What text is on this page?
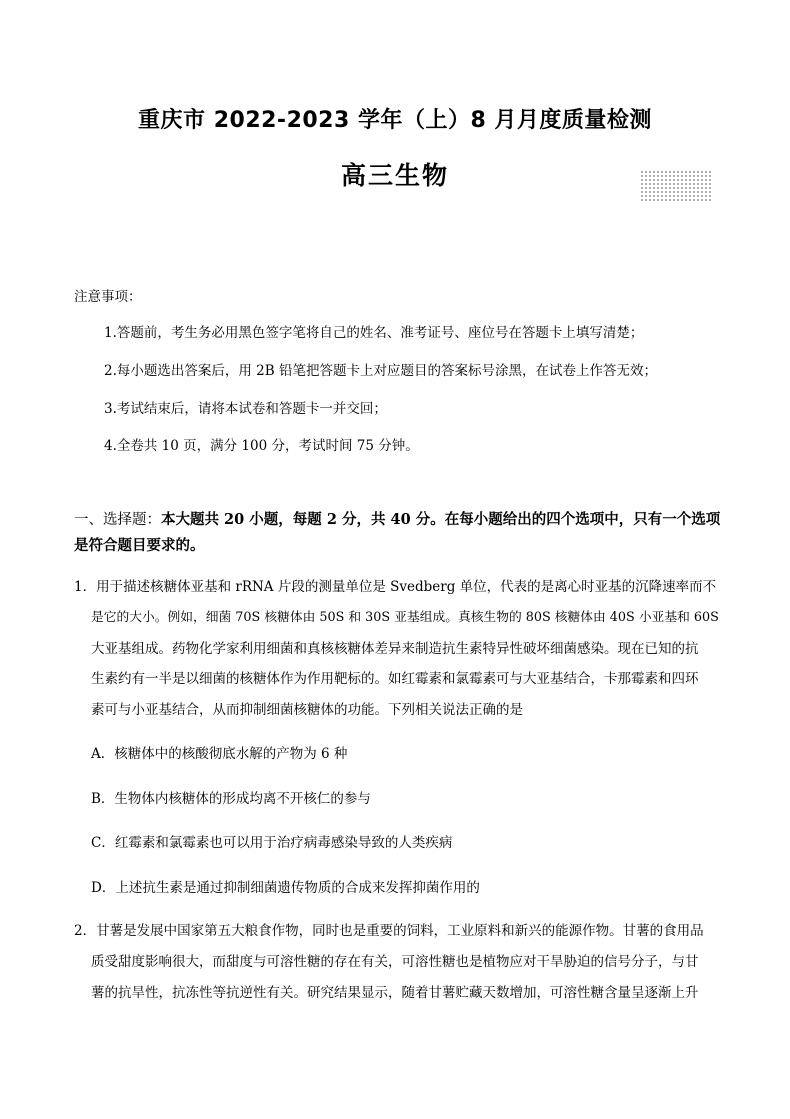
重庆市 2022-2023 学年（上）8 月月度质量检测
高三生物
注意事项：
1.答题前，考生务必用黑色签字笔将自己的姓名、准考证号、座位号在答题卡上填写清楚；
2.每小题选出答案后，用 2B 铅笔把答题卡上对应题目的答案标号涂黑，在试卷上作答无效；
3.考试结束后，请将本试卷和答题卡一并交回；
4.全卷共 10 页，满分 100 分，考试时间 75 分钟。
一、选择题：本大题共 20 小题，每题 2 分，共 40 分。在每小题给出的四个选项中，只有一个选项是符合题目要求的。
1．用于描述核糖体亚基和 rRNA 片段的测量单位是 Svedberg 单位，代表的是离心时亚基的沉降速率而不
是它的大小。例如，细菌 70S 核糖体由 50S 和 30S 亚基组成。真核生物的 80S 核糖体由 40S 小亚基和 60S
大亚基组成。药物化学家利用细菌和真核核糖体差异来制造抗生素特异性破坏细菌感染。现在已知的抗
生素约有一半是以细菌的核糖体作为作用靶标的。如红霉素和氯霉素可与大亚基结合，卡那霉素和四环
素可与小亚基结合，从而抑制细菌核糖体的功能。下列相关说法正确的是
A．核糖体中的核酸彻底水解的产物为 6 种
B．生物体内核糖体的形成均离不开核仁的参与
C．红霉素和氯霉素也可以用于治疗病毒感染导致的人类疾病
D．上述抗生素是通过抑制细菌遗传物质的合成来发挥抑菌作用的
2．甘薯是发展中国家第五大粮食作物，同时也是重要的饲料，工业原料和新兴的能源作物。甘薯的食用品
质受甜度影响很大，而甜度与可溶性糖的存在有关，可溶性糖也是植物应对干旱胁迫的信号分子，与甘
薯的抗旱性，抗冻性等抗逆性有关。研究结果显示，随着甘薯贮藏天数增加，可溶性糖含量呈逐渐上升
